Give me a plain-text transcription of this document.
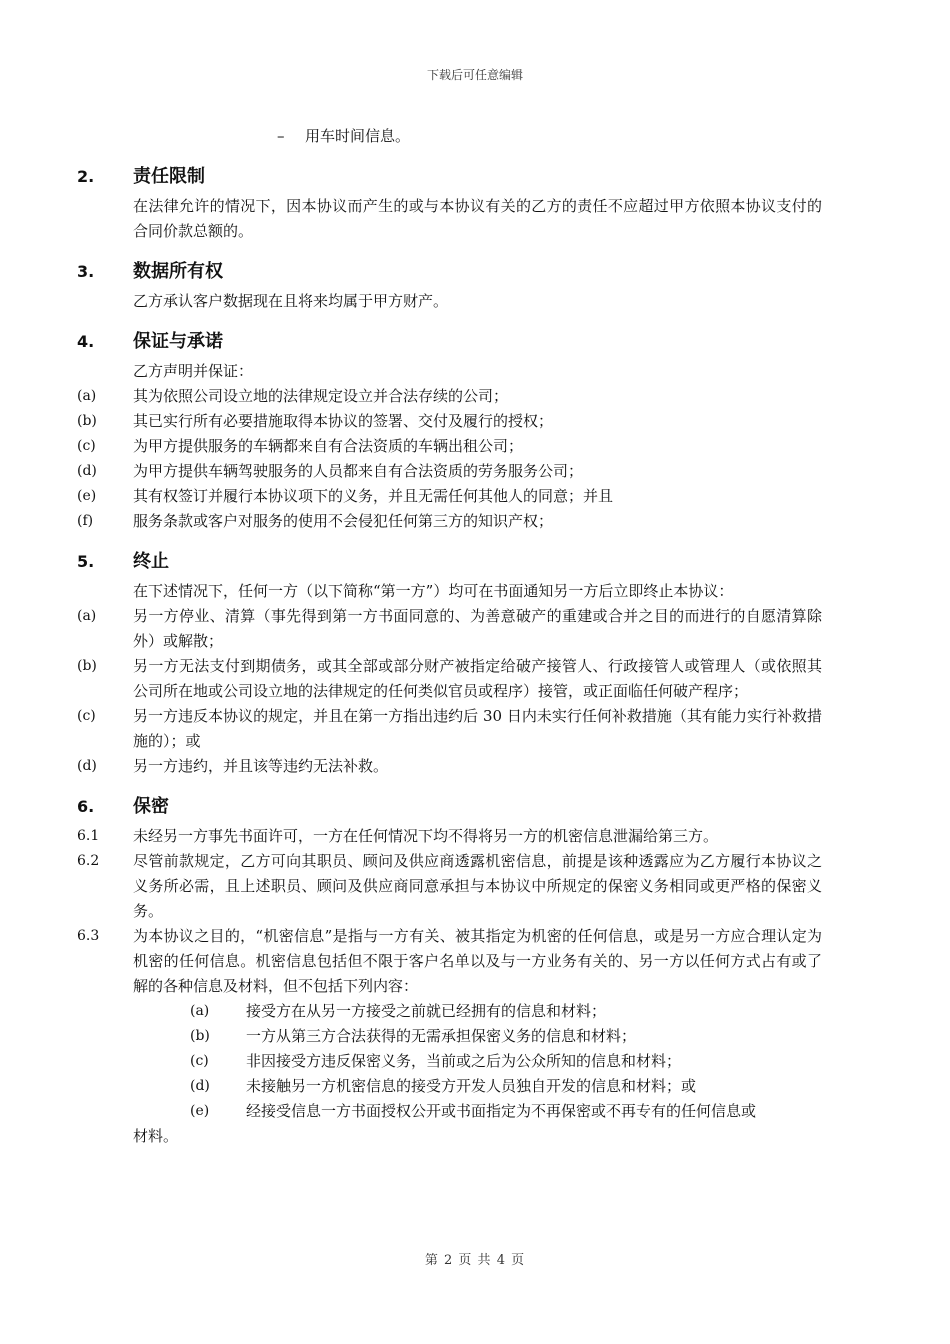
下载后可任意编辑
– 用车时间信息。
2.	责任限制
在法律允许的情况下，因本协议而产生的或与本协议有关的乙方的责任不应超过甲方依照本协议支付的合同价款总额的。
3.	数据所有权
乙方承认客户数据现在且将来均属于甲方财产。
4.	保证与承诺
乙方声明并保证：
(a)	其为依照公司设立地的法律规定设立并合法存续的公司；
(b)	其已实行所有必要措施取得本协议的签署、交付及履行的授权；
(c)	为甲方提供服务的车辆都来自有合法资质的车辆出租公司；
(d)	为甲方提供车辆驾驶服务的人员都来自有合法资质的劳务服务公司；
(e)	其有权签订并履行本协议项下的义务，并且无需任何其他人的同意；并且
(f)	服务条款或客户对服务的使用不会侵犯任何第三方的知识产权；
5.	终止
在下述情况下，任何一方（以下简称“第一方”）均可在书面通知另一方后立即终止本协议：
(a)	另一方停业、清算（事先得到第一方书面同意的、为善意破产的重建或合并之目的而进行的自愿清算除外）或解散；
(b)	另一方无法支付到期债务，或其全部或部分财产被指定给破产接管人、行政接管人或管理人（或依照其公司所在地或公司设立地的法律规定的任何类似官员或程序）接管，或正面临任何破产程序；
(c)	另一方违反本协议的规定，并且在第一方指出违约后 30 日内未实行任何补救措施（其有能力实行补救措施的）；或
(d)	另一方违约，并且该等违约无法补救。
6.	保密
6.1	未经另一方事先书面许可，一方在任何情况下均不得将另一方的机密信息泄漏给第三方。
6.2	尽管前款规定，乙方可向其职员、顾问及供应商透露机密信息，前提是该种透露应为乙方履行本协议之义务所必需，且上述职员、顾问及供应商同意承担与本协议中所规定的保密义务相同或更严格的保密义务。
6.3	为本协议之目的，“机密信息”是指与一方有关、被其指定为机密的任何信息，或是另一方应合理认定为机密的任何信息。机密信息包括但不限于客户名单以及与一方业务有关的、另一方以任何方式占有或了解的各种信息及材料，但不包括下列内容：
(a)	接受方在从另一方接受之前就已经拥有的信息和材料；
(b)	一方从第三方合法获得的无需承担保密义务的信息和材料；
(c)	非因接受方违反保密义务，当前或之后为公众所知的信息和材料；
(d)	未接触另一方机密信息的接受方开发人员独自开发的信息和材料；或
(e)	经接受信息一方书面授权公开或书面指定为不再保密或不再专有的任何信息或
材料。
第 2 页 共 4 页
